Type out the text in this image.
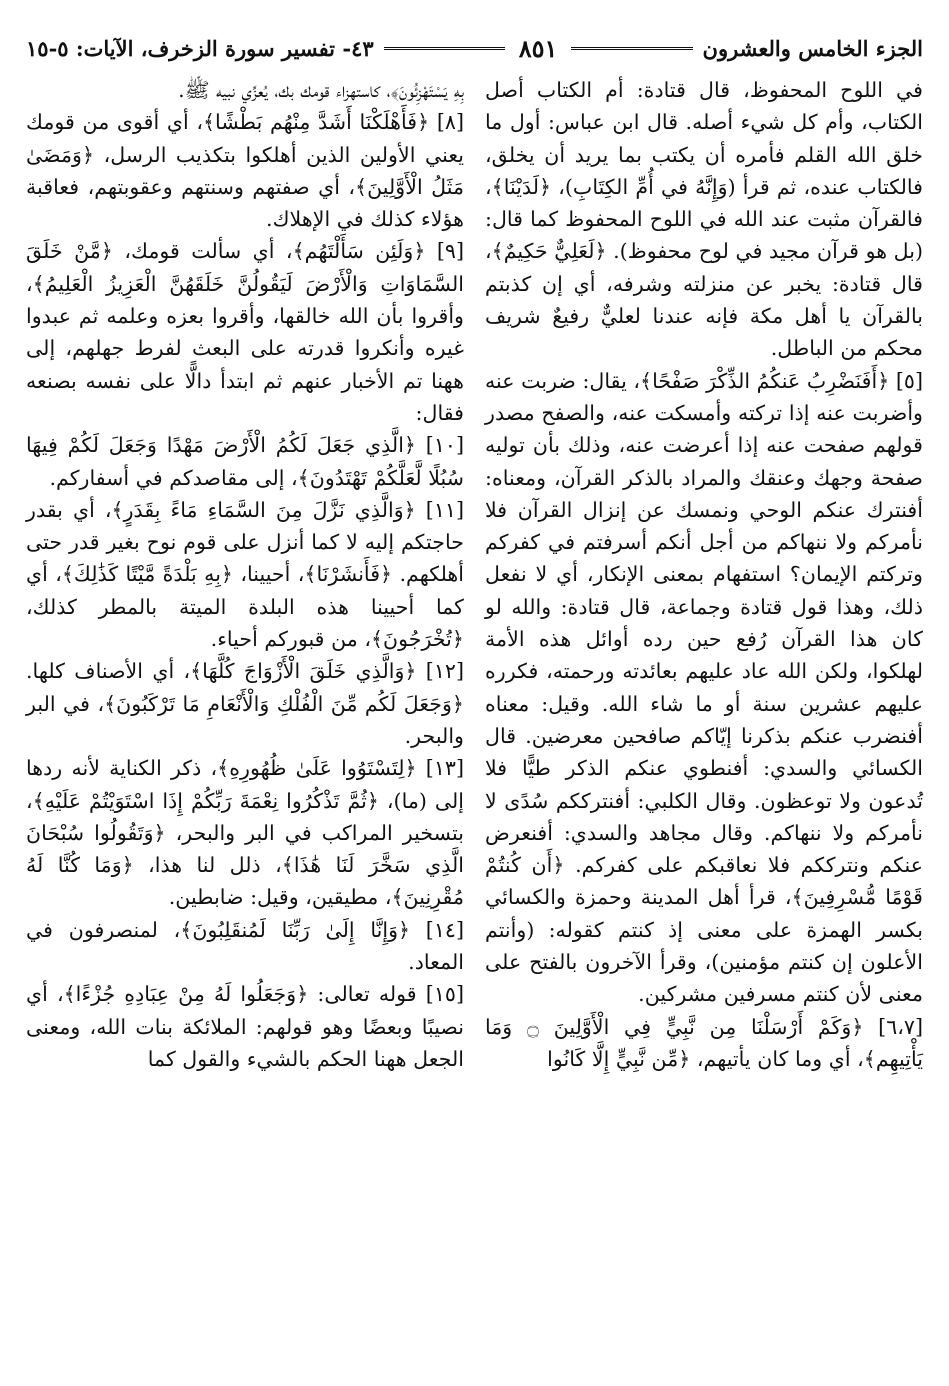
الجزء الخامس والعشرون
٨٥١
٤٣- تفسير سورة الزخرف، الآيات: ٥-١٥

في اللوح المحفوظ، قال قتادة: أم الكتاب أصل الكتاب، وأم كل شيء أصله. قال ابن عباس: أول ما خلق الله القلم فأمره أن يكتب بما يريد أن يخلق، فالكتاب عنده، ثم قرأ (وَإِنَّهُ في أُمِّ الكِتَابِ)، ﴿لَدَيْنَا﴾، فالقرآن مثبت عند الله في اللوح المحفوظ كما قال: (بل هو قرآن مجيد في لوح محفوظ). ﴿لَعَلِيٌّ حَكِيمٌ﴾، قال قتادة: يخبر عن منزلته وشرفه، أي إن كذبتم بالقرآن يا أهل مكة فإنه عندنا لعليٌّ رفيعٌ شريف محكم من الباطل.

[٥] ﴿أَفَنَضْرِبُ عَنكُمُ الذِّكْرَ صَفْحًا﴾، يقال: ضربت عنه وأضربت عنه إذا تركته وأمسكت عنه، والصفح مصدر قولهم صفحت عنه إذا أعرضت عنه، وذلك بأن توليه صفحة وجهك وعنقك والمراد بالذكر القرآن، ومعناه: أفنترك عنكم الوحي ونمسك عن إنزال القرآن فلا نأمركم ولا ننهاكم من أجل أنكم أسرفتم في كفركم وتركتم الإيمان؟ استفهام بمعنى الإنكار، أي لا نفعل ذلك، وهذا قول قتادة وجماعة، قال قتادة: والله لو كان هذا القرآن رُفع حين رده أوائل هذه الأمة لهلكوا، ولكن الله عاد عليهم بعائدته ورحمته، فكرره عليهم عشرين سنة أو ما شاء الله. وقيل: معناه أفنضرب عنكم بذكرنا إيّاكم صافحين معرضين. قال الكسائي والسدي: أفنطوي عنكم الذكر طيًّا فلا تُدعون ولا توعظون. وقال الكلبي: أفنترككم سُدًى لا نأمركم ولا ننهاكم. وقال مجاهد والسدي: أفنعرض عنكم ونترككم فلا نعاقبكم على كفركم. ﴿أَن كُنتُمْ قَوْمًا مُّسْرِفِينَ﴾، قرأ أهل المدينة وحمزة والكسائي بكسر الهمزة على معنى إذ كنتم كقوله: (وأنتم الأعلون إن كنتم مؤمنين)، وقرأ الآخرون بالفتح على معنى لأن كنتم مسرفين مشركين.

[٦،٧] ﴿وَكَمْ أَرْسَلْنَا مِن نَّبِيٍّ فِي الْأَوَّلِينَ ۝ وَمَا يَأْتِيهِم﴾، أي وما كان يأتيهم، ﴿مِّن نَّبِيٍّ إِلَّا كَانُوا

بِهِ يَسْتَهْزِئُونَ﴾، كاستهزاء قومك بك، يُعزِّي نبيه ﷺ.

[٨] ﴿فَأَهْلَكْنَا أَشَدَّ مِنْهُم بَطْشًا﴾، أي أقوى من قومك يعني الأولين الذين أهلكوا بتكذيب الرسل، ﴿وَمَضَىٰ مَثَلُ الْأَوَّلِينَ﴾، أي صفتهم وسنتهم وعقوبتهم، فعاقبة هؤلاء كذلك في الإهلاك.

[٩] ﴿وَلَئِن سَأَلْتَهُم﴾، أي سألت قومك، ﴿مَّنْ خَلَقَ السَّمَاوَاتِ وَالْأَرْضَ لَيَقُولُنَّ خَلَقَهُنَّ الْعَزِيزُ الْعَلِيمُ﴾، وأقروا بأن الله خالقها، وأقروا بعزه وعلمه ثم عبدوا غيره وأنكروا قدرته على البعث لفرط جهلهم، إلى ههنا تم الأخبار عنهم ثم ابتدأ دالًّا على نفسه بصنعه فقال:

[١٠] ﴿الَّذِي جَعَلَ لَكُمُ الْأَرْضَ مَهْدًا وَجَعَلَ لَكُمْ فِيهَا سُبُلًا لَّعَلَّكُمْ تَهْتَدُونَ﴾، إلى مقاصدكم في أسفاركم.

[١١] ﴿وَالَّذِي نَزَّلَ مِنَ السَّمَاءِ مَاءً بِقَدَرٍ﴾، أي بقدر حاجتكم إليه لا كما أنزل على قوم نوح بغير قدر حتى أهلكهم. ﴿فَأَنشَرْنَا﴾، أحيينا، ﴿بِهِ بَلْدَةً مَّيْتًا كَذَٰلِكَ﴾، أي كما أحيينا هذه البلدة الميتة بالمطر كذلك، ﴿تُخْرَجُونَ﴾، من قبوركم أحياء.

[١٢] ﴿وَالَّذِي خَلَقَ الْأَزْوَاجَ كُلَّهَا﴾، أي الأصناف كلها. ﴿وَجَعَلَ لَكُم مِّنَ الْفُلْكِ وَالْأَنْعَامِ مَا تَرْكَبُونَ﴾، في البر والبحر.

[١٣] ﴿لِتَسْتَوُوا عَلَىٰ ظُهُورِهِ﴾، ذكر الكناية لأنه ردها إلى (ما)، ﴿ثُمَّ تَذْكُرُوا نِعْمَةَ رَبِّكُمْ إِذَا اسْتَوَيْتُمْ عَلَيْهِ﴾، بتسخير المراكب في البر والبحر، ﴿وَتَقُولُوا سُبْحَانَ الَّذِي سَخَّرَ لَنَا هَٰذَا﴾، ذلل لنا هذا، ﴿وَمَا كُنَّا لَهُ مُقْرِنِينَ﴾، مطيقين، وقيل: ضابطين.

[١٤] ﴿وَإِنَّا إِلَىٰ رَبِّنَا لَمُنقَلِبُونَ﴾، لمنصرفون في المعاد.

[١٥] قوله تعالى: ﴿وَجَعَلُوا لَهُ مِنْ عِبَادِهِ جُزْءًا﴾، أي نصيبًا وبعضًا وهو قولهم: الملائكة بنات الله، ومعنى الجعل ههنا الحكم بالشيء والقول كما
